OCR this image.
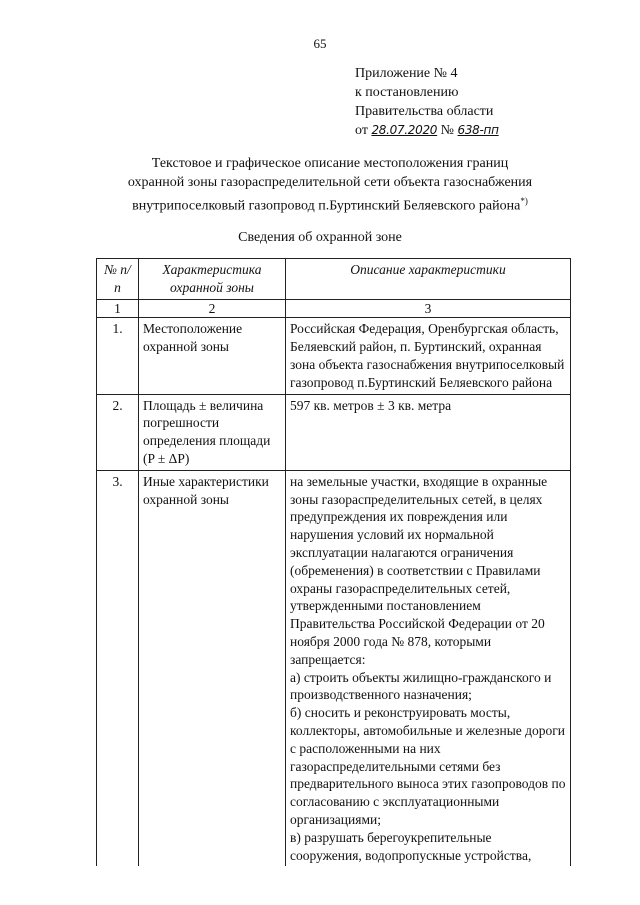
65
Приложение № 4
к постановлению
Правительства области
от 28.07.2020 № 638-пп
Текстовое и графическое описание местоположения границ
охранной зоны газораспределительной сети объекта газоснабжения
внутрипоселковый газопровод п.Буртинский Беляевского района*)
Сведения об охранной зоне
№ п/п	Характеристика охранной зоны	Описание характеристики
1	2	3
1.	Местоположение охранной зоны	Российская Федерация, Оренбургская область, Беляевский район, п. Буртинский, охранная зона объекта газоснабжения внутрипоселковый газопровод п.Буртинский Беляевского района
2.	Площадь ± величина погрешности определения площади (P ± ΔP)	597 кв. метров ± 3 кв. метра
3.	Иные характеристики охранной зоны	на земельные участки, входящие в охранные зоны газораспределительных сетей, в целях предупреждения их повреждения или нарушения условий их нормальной эксплуатации налагаются ограничения (обременения) в соответствии с Правилами охраны газораспределительных сетей, утвержденными постановлением Правительства Российской Федерации от 20 ноября 2000 года № 878, которыми запрещается:
а) строить объекты жилищно-гражданского и производственного назначения;
б) сносить и реконструировать мосты, коллекторы, автомобильные и железные дороги с расположенными на них газораспределительными сетями без предварительного выноса этих газопроводов по согласованию с эксплуатационными организациями;
в) разрушать берегоукрепительные сооружения, водопропускные устройства,
